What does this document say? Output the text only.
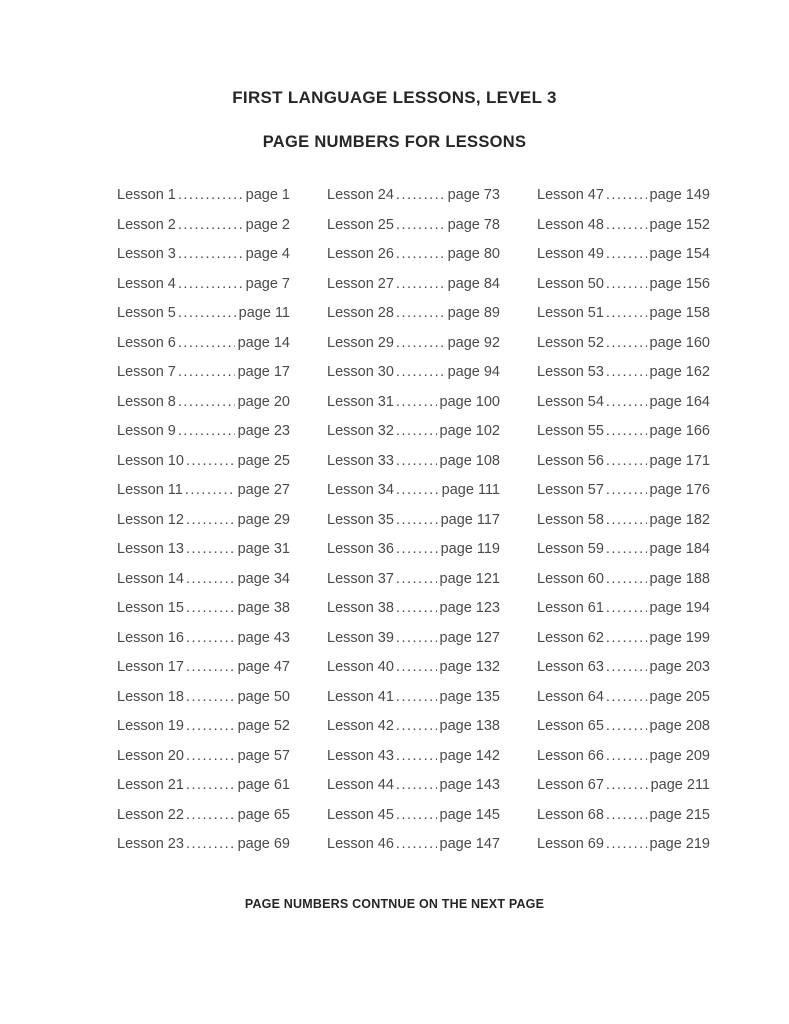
FIRST LANGUAGE LESSONS, LEVEL 3
PAGE NUMBERS FOR LESSONS
Lesson 1 .....	page 1
Lesson 2 .....	page 2
Lesson 3 .....	page 4
Lesson 4 .....	page 7
Lesson 5 .....	page 11
Lesson 6 .....	page 14
Lesson 7 .....	page 17
Lesson 8 .....	page 20
Lesson 9 .....	page 23
Lesson 10 .....	page 25
Lesson 11 .....	page 27
Lesson 12 .....	page 29
Lesson 13 .....	page 31
Lesson 14 .....	page 34
Lesson 15 .....	page 38
Lesson 16 .....	page 43
Lesson 17 .....	page 47
Lesson 18 .....	page 50
Lesson 19 .....	page 52
Lesson 20 .....	page 57
Lesson 21 .....	page 61
Lesson 22 .....	page 65
Lesson 23 .....	page 69
Lesson 24 .....	page 73
Lesson 25 .....	page 78
Lesson 26 .....	page 80
Lesson 27 .....	page 84
Lesson 28 .....	page 89
Lesson 29 .....	page 92
Lesson 30 .....	page 94
Lesson 31 .....	page 100
Lesson 32 .....	page 102
Lesson 33 .....	page 108
Lesson 34 .....	page 111
Lesson 35 .....	page 117
Lesson 36 .....	page 119
Lesson 37 .....	page 121
Lesson 38 .....	page 123
Lesson 39 .....	page 127
Lesson 40 .....	page 132
Lesson 41 .....	page 135
Lesson 42 .....	page 138
Lesson 43 .....	page 142
Lesson 44 .....	page 143
Lesson 45 .....	page 145
Lesson 46 .....	page 147
Lesson 47 .....	page 149
Lesson 48 .....	page 152
Lesson 49 .....	page 154
Lesson 50 .....	page 156
Lesson 51 .....	page 158
Lesson 52 .....	page 160
Lesson 53 .....	page 162
Lesson 54 .....	page 164
Lesson 55 .....	page 166
Lesson 56 .....	page 171
Lesson 57 .....	page 176
Lesson 58 .....	page 182
Lesson 59 .....	page 184
Lesson 60 .....	page 188
Lesson 61 .....	page 194
Lesson 62 .....	page 199
Lesson 63 .....	page 203
Lesson 64 .....	page 205
Lesson 65 .....	page 208
Lesson 66 .....	page 209
Lesson 67 .....	page 211
Lesson 68 .....	page 215
Lesson 69 .....	page 219
PAGE NUMBERS CONTNUE ON THE NEXT PAGE
